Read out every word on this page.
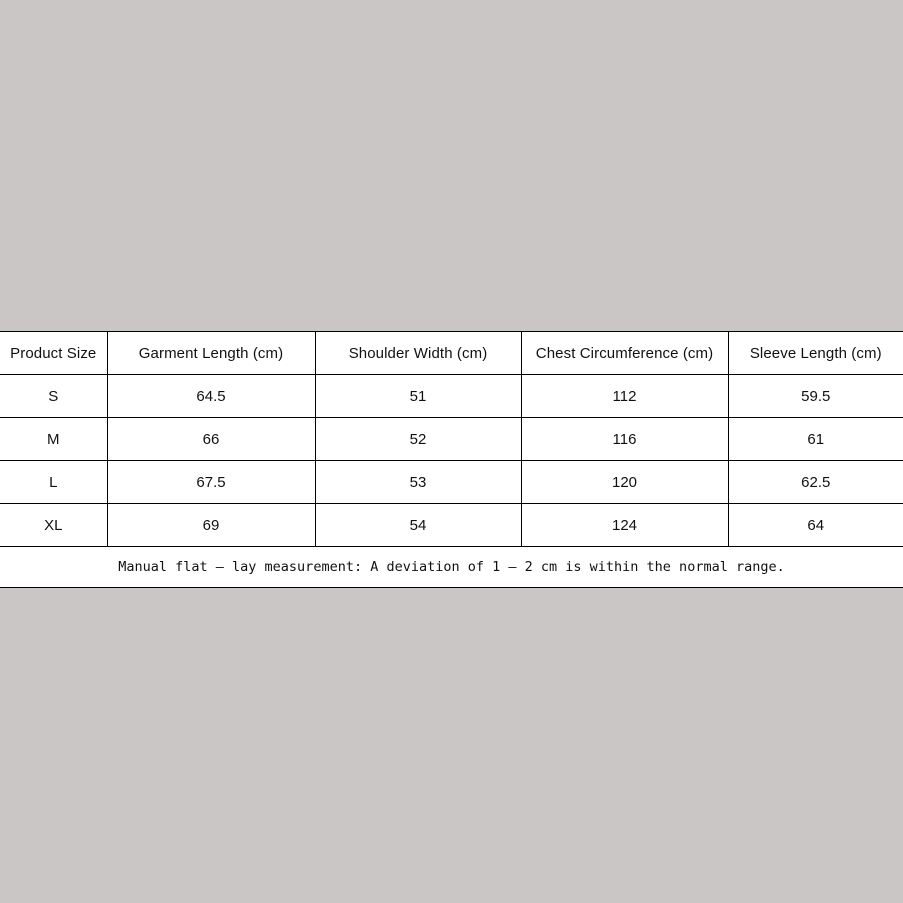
Product Size	Garment Length (cm)	Shoulder Width (cm)	Chest Circumference (cm)	Sleeve Length (cm)
S	64.5	51	112	59.5
M	66	52	116	61
L	67.5	53	120	62.5
XL	69	54	124	64
Manual flat – lay measurement: A deviation of 1 – 2 cm is within the normal range.				
